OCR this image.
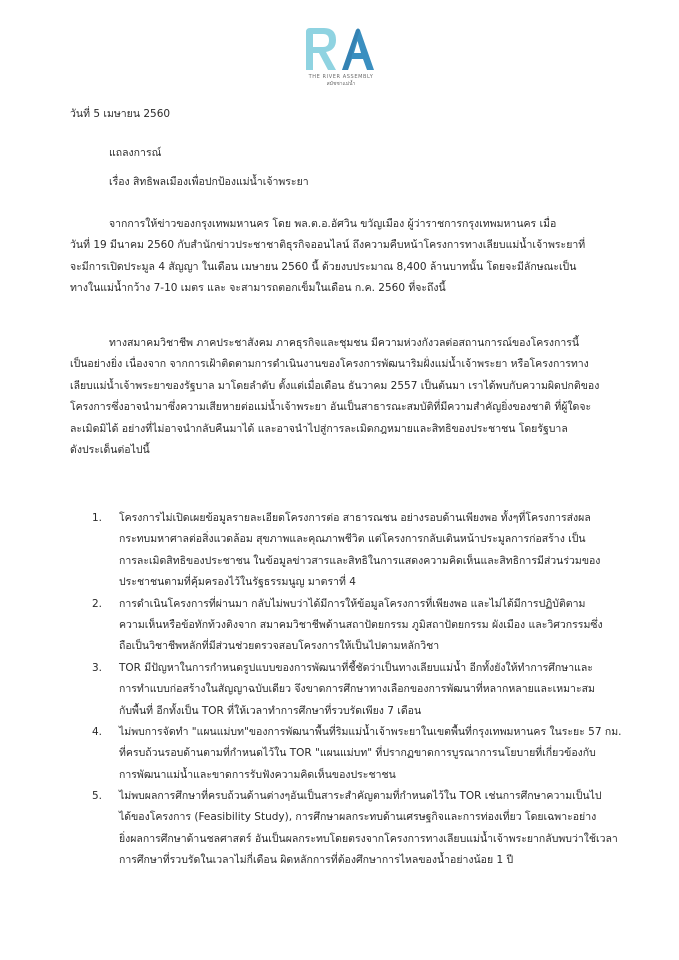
THE RIVER ASSEMBLY
สมัชชาแม่น้ำ
วันที่ 5 เมษายน 2560
แถลงการณ์
เรื่อง สิทธิพลเมืองเพื่อปกป้องแม่น้ำเจ้าพระยา
จากการให้ข่าวของกรุงเทพมหานคร โดย พล.ต.อ.อัศวิน ขวัญเมือง ผู้ว่าราชการกรุงเทพมหานคร เมื่อ
วันที่ 19 มีนาคม 2560 กับสำนักข่าวประชาชาติธุรกิจออนไลน์ ถึงความคืบหน้าโครงการทางเลียบแม่น้ำเจ้าพระยาที่
จะมีการเปิดประมูล 4 สัญญา ในเดือน เมษายน 2560 นี้ ด้วยงบประมาณ 8,400 ล้านบาทนั้น โดยจะมีลักษณะเป็น
ทางในแม่น้ำกว้าง 7-10 เมตร และ จะสามารถตอกเข็มในเดือน ก.ค. 2560 ที่จะถึงนี้
ทางสมาคมวิชาชีพ ภาคประชาสังคม ภาคธุรกิจและชุมชน มีความห่วงกังวลต่อสถานการณ์ของโครงการนี้
เป็นอย่างยิ่ง เนื่องจาก จากการเฝ้าติดตามการดำเนินงานของโครงการพัฒนาริมฝั่งแม่น้ำเจ้าพระยา หรือโครงการทาง
เลียบแม่น้ำเจ้าพระยาของรัฐบาล มาโดยลำดับ ตั้งแต่เมื่อเดือน ธันวาคม 2557 เป็นต้นมา เราได้พบกับความผิดปกติของ
โครงการซึ่งอาจนำมาซึ่งความเสียหายต่อแม่น้ำเจ้าพระยา อันเป็นสาธารณะสมบัติที่มีความสำคัญยิ่งของชาติ ที่ผู้ใดจะ
ละเมิดมิได้ อย่างที่ไม่อาจนำกลับคืนมาได้ และอาจนำไปสู่การละเมิดกฎหมายและสิทธิของประชาชน โดยรัฐบาล
ดังประเด็นต่อไปนี้
1. โครงการไม่เปิดเผยข้อมูลรายละเอียดโครงการต่อ สาธารณชน อย่างรอบด้านเพียงพอ ทั้งๆที่โครงการส่งผล
กระทบมหาศาลต่อสิ่งแวดล้อม สุขภาพและคุณภาพชีวิต แต่โครงการกลับเดินหน้าประมูลการก่อสร้าง เป็น
การละเมิดสิทธิของประชาชน ในข้อมูลข่าวสารและสิทธิในการแสดงความคิดเห็นและสิทธิการมีส่วนร่วมของ
ประชาชนตามที่คุ้มครองไว้ในรัฐธรรมนูญ มาตราที่ 4
2. การดำเนินโครงการที่ผ่านมา กลับไม่พบว่าได้มีการให้ข้อมูลโครงการที่เพียงพอ และไม่ได้มีการปฏิบัติตาม
ความเห็นหรือข้อทักท้วงติงจาก สมาคมวิชาชีพด้านสถาปัตยกรรม ภูมิสถาปัตยกรรม ผังเมือง และวิศวกรรมซึ่ง
ถือเป็นวิชาชีพหลักที่มีส่วนช่วยตรวจสอบโครงการให้เป็นไปตามหลักวิชา
3. TOR มีปัญหาในการกำหนดรูปแบบของการพัฒนาที่ชี้ชัดว่าเป็นทางเลียบแม่น้ำ อีกทั้งยังให้ทำการศึกษาและ
การทำแบบก่อสร้างในสัญญาฉบับเดียว จึงขาดการศึกษาทางเลือกของการพัฒนาที่หลากหลายและเหมาะสม
กับพื้นที่ อีกทั้งเป็น TOR ที่ให้เวลาทำการศึกษาที่รวบรัดเพียง 7 เดือน
4. ไม่พบการจัดทำ "แผนแม่บท"ของการพัฒนาพื้นที่ริมแม่น้ำเจ้าพระยาในเขตพื้นที่กรุงเทพมหานคร ในระยะ 57 กม.
ที่ครบถ้วนรอบด้านตามที่กำหนดไว้ใน TOR "แผนแม่บท" ที่ปรากฏขาดการบูรณาการนโยบายที่เกี่ยวข้องกับ
การพัฒนาแม่น้ำและขาดการรับฟังความคิดเห็นของประชาชน
5. ไม่พบผลการศึกษาที่ครบถ้วนด้านต่างๆอันเป็นสาระสำคัญตามที่กำหนดไว้ใน TOR เช่นการศึกษาความเป็นไป
ได้ของโครงการ (Feasibility Study), การศึกษาผลกระทบด้านเศรษฐกิจและการท่องเที่ยว โดยเฉพาะอย่าง
ยิ่งผลการศึกษาด้านชลศาสตร์ อันเป็นผลกระทบโดยตรงจากโครงการทางเลียบแม่น้ำเจ้าพระยากลับพบว่าใช้เวลา
การศึกษาที่รวบรัดในเวลาไม่กี่เดือน ผิดหลักการที่ต้องศึกษาการไหลของน้ำอย่างน้อย 1 ปี
